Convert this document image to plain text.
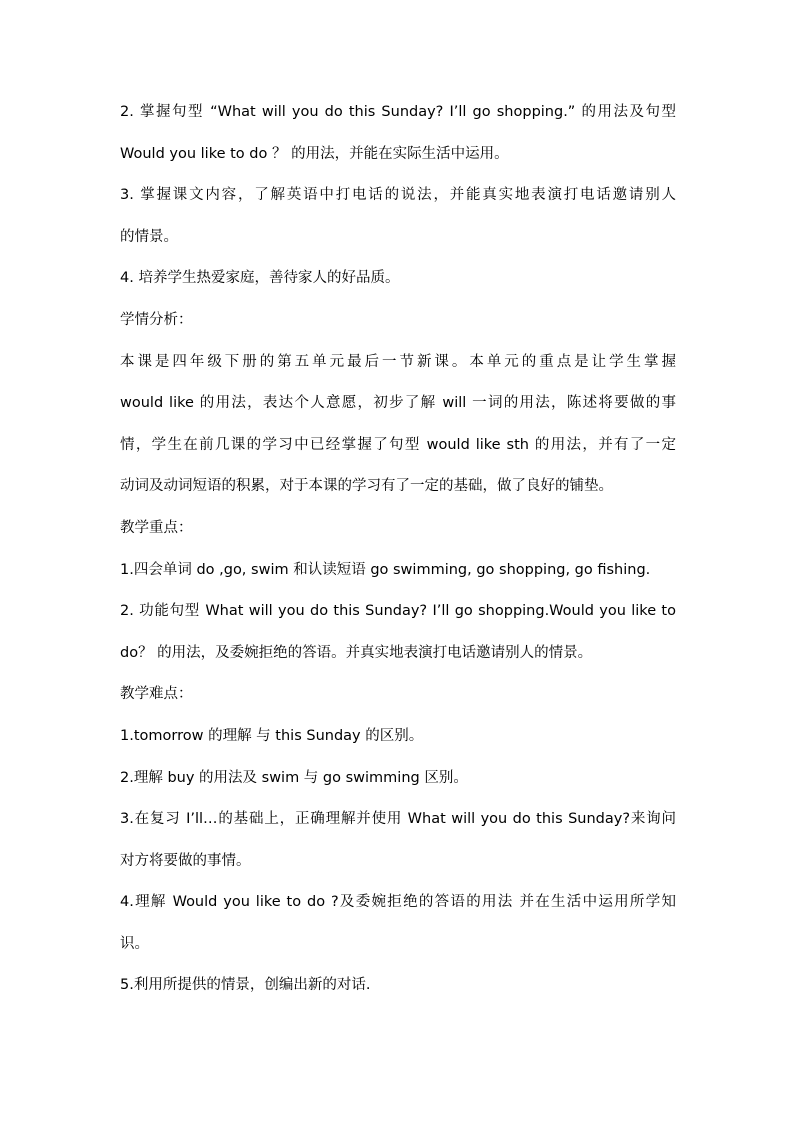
2. 掌握句型 “What will you do this Sunday? I’ll go shopping.” 的用法及句型
Would you like to do ？ 的用法，并能在实际生活中运用。
3. 掌握课文内容，了解英语中打电话的说法，并能真实地表演打电话邀请别人
的情景。
4. 培养学生热爱家庭，善待家人的好品质。
学情分析：
本课是四年级下册的第五单元最后一节新课。本单元的重点是让学生掌握
would like 的用法，表达个人意愿，初步了解 will 一词的用法，陈述将要做的事
情，学生在前几课的学习中已经掌握了句型 would like sth 的用法，并有了一定
动词及动词短语的积累，对于本课的学习有了一定的基础，做了良好的铺垫。
教学重点：
1.四会单词 do ,go, swim 和认读短语 go swimming, go shopping, go fishing.
2. 功能句型 What will you do this Sunday? I’ll go shopping.Would you like to
do？ 的用法，及委婉拒绝的答语。并真实地表演打电话邀请别人的情景。
教学难点：
1.tomorrow 的理解 与 this Sunday 的区别。
2.理解 buy 的用法及 swim 与 go swimming 区别。
3.在复习 I’ll…的基础上，正确理解并使用 What will you do this Sunday?来询问
对方将要做的事情。
4.理解 Would you like to do ?及委婉拒绝的答语的用法 并在生活中运用所学知
识。
5.利用所提供的情景，创编出新的对话.
